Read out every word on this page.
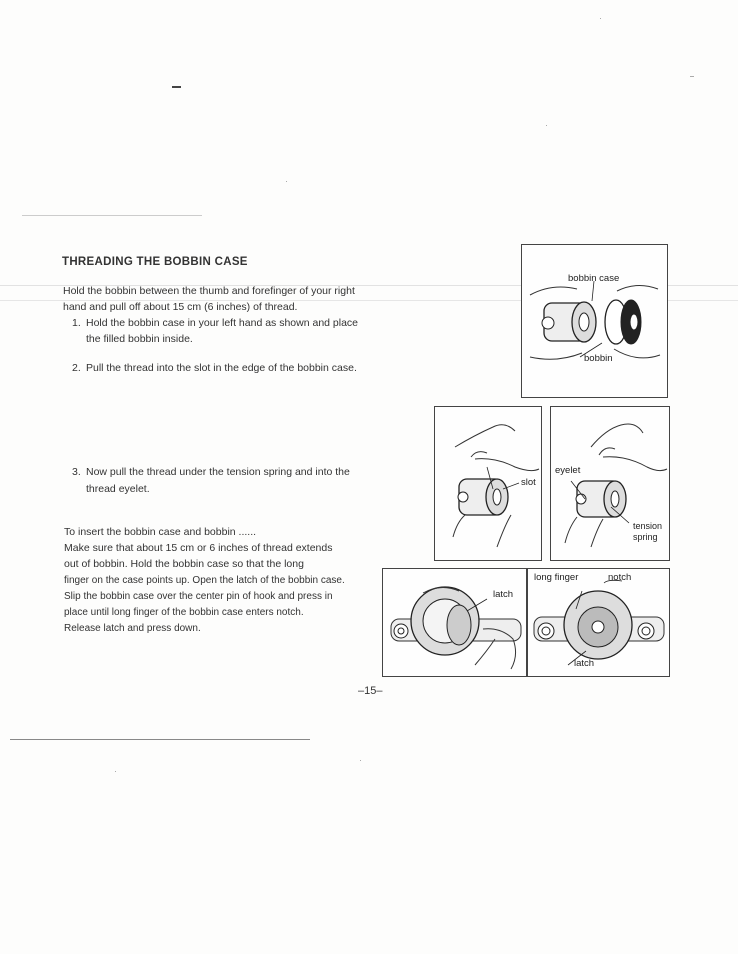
THREADING THE BOBBIN CASE
Hold the bobbin between the thumb and forefinger of your right
hand and pull off about 15 cm (6 inches) of thread.
1. Hold the bobbin case in your left hand as shown and place
the filled bobbin inside.
2. Pull the thread into the slot in the edge of the bobbin case.
3. Now pull the thread under the tension spring and into the
thread eyelet.
To insert the bobbin case and bobbin ......
Make sure that about 15 cm or 6 inches of thread extends
out of bobbin. Hold the bobbin case so that the long
finger on the case points up. Open the latch of the bobbin case.
Slip the bobbin case over the center pin of hook and press in
place until long finger of the bobbin case enters notch.
Release latch and press down.
bobbin case
bobbin
slot
eyelet
tension
spring
latch
long finger	notch
latch
–15–
